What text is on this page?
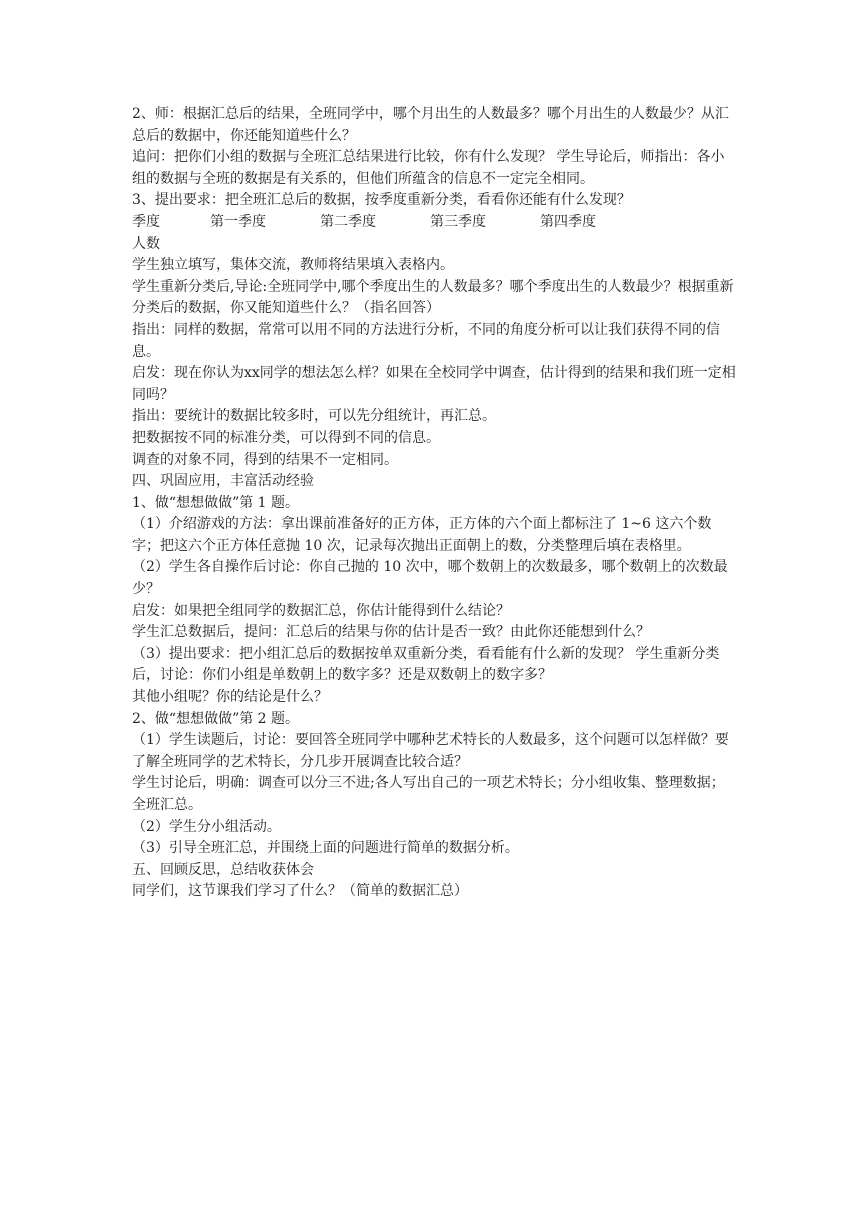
2、师：根据汇总后的结果，全班同学中，哪个月出生的人数最多？哪个月出生的人数最少？从汇总后的数据中，你还能知道些什么？

追问：把你们小组的数据与全班汇总结果进行比较，你有什么发现？ 学生导论后，师指出：各小组的数据与全班的数据是有关系的，但他们所蕴含的信息不一定完全相同。

3、提出要求：把全班汇总后的数据，按季度重新分类，看看你还能有什么发现？

季度	第一季度	第二季度	第三季度	第四季度

人数

学生独立填写，集体交流，教师将结果填入表格内。

学生重新分类后,导论:全班同学中,哪个季度出生的人数最多？哪个季度出生的人数最少？根据重新分类后的数据，你又能知道些什么？（指名回答）

指出：同样的数据，常常可以用不同的方法进行分析，不同的角度分析可以让我们获得不同的信息。

启发：现在你认为xx同学的想法怎么样？如果在全校同学中调查，估计得到的结果和我们班一定相同吗？

指出：要统计的数据比较多时，可以先分组统计，再汇总。

把数据按不同的标准分类，可以得到不同的信息。

调查的对象不同，得到的结果不一定相同。

四、巩固应用，丰富活动经验

1、做“想想做做”第 1 题。

（1）介绍游戏的方法：拿出课前准备好的正方体，正方体的六个面上都标注了 1~6 这六个数字；把这六个正方体任意抛 10 次，记录每次抛出正面朝上的数，分类整理后填在表格里。

（2）学生各自操作后讨论：你自己抛的 10 次中，哪个数朝上的次数最多，哪个数朝上的次数最少？

启发：如果把全组同学的数据汇总，你估计能得到什么结论？

学生汇总数据后，提问：汇总后的结果与你的估计是否一致？由此你还能想到什么？

（3）提出要求：把小组汇总后的数据按单双重新分类，看看能有什么新的发现？ 学生重新分类后，讨论：你们小组是单数朝上的数字多？还是双数朝上的数字多？

其他小组呢？你的结论是什么？

2、做“想想做做”第 2 题。

（1）学生读题后，讨论：要回答全班同学中哪种艺术特长的人数最多，这个问题可以怎样做？要了解全班同学的艺术特长，分几步开展调查比较合适？

学生讨论后，明确：调查可以分三不进;各人写出自己的一项艺术特长；分小组收集、整理数据；全班汇总。

（2）学生分小组活动。

（3）引导全班汇总，并围绕上面的问题进行简单的数据分析。

五、回顾反思，总结收获体会

同学们，这节课我们学习了什么？（简单的数据汇总）
